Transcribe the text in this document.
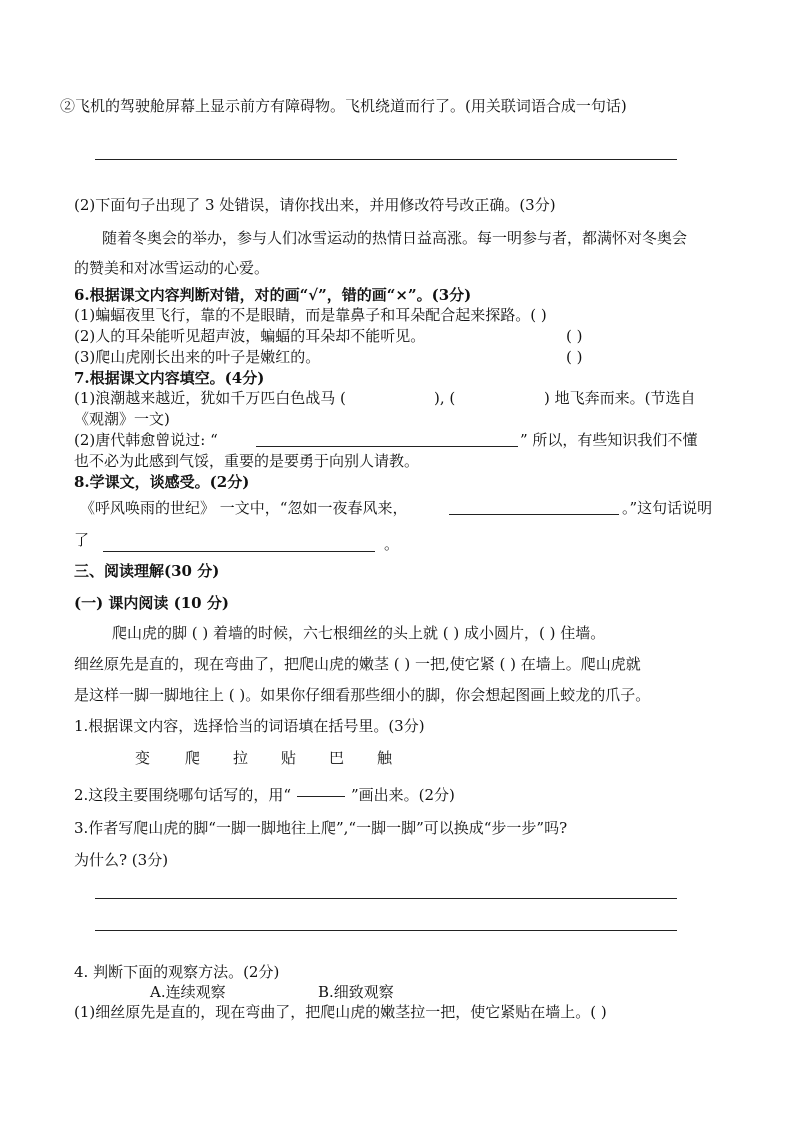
②飞机的驾驶舱屏幕上显示前方有障碍物。飞机绕道而行了。(用关联词语合成一句话)
(2)下面句子出现了 3 处错误，请你找出来，并用修改符号改正确。(3分)
随着冬奥会的举办，参与人们冰雪运动的热情日益高涨。每一明参与者，都满怀对冬奥会
的赞美和对冰雪运动的心爱。
6.根据课文内容判断对错，对的画“√”，错的画“×”。(3分)
(1)蝙蝠夜里飞行，靠的不是眼睛，而是靠鼻子和耳朵配合起来探路。( )
(2)人的耳朵能听见超声波，蝙蝠的耳朵却不能听见。	( )
(3)爬山虎刚长出来的叶子是嫩红的。	( )
7.根据课文内容填空。(4分)
(1)浪潮越来越近，犹如千万匹白色战马 (	), (	) 地飞奔而来。(节选自
《观潮》一文)
(2)唐代韩愈曾说过: “	” 所以，有些知识我们不懂
也不必为此感到气馁，重要的是要勇于向别人请教。
8.学课文，谈感受。(2分)
《呼风唤雨的世纪》 一文中，“忽如一夜春风来，	。”这句话说明
了	。
三、阅读理解(30 分)
(一) 课内阅读 (10 分)
爬山虎的脚 ( ) 着墙的时候，六七根细丝的头上就 ( ) 成小圆片，( ) 住墙。
细丝原先是直的，现在弯曲了，把爬山虎的嫩茎 ( ) 一把,使它紧 ( ) 在墙上。爬山虎就
是这样一脚一脚地往上 ( )。如果你仔细看那些细小的脚，你会想起图画上蛟龙的爪子。
1.根据课文内容，选择恰当的词语填在括号里。(3分)
变 爬 拉 贴 巴 触
2.这段主要围绕哪句话写的，用“	”画出来。(2分)
3.作者写爬山虎的脚“一脚一脚地往上爬”,“一脚一脚”可以换成“步一步”吗?
为什么? (3分)
4. 判断下面的观察方法。(2分)
A.连续观察	B.细致观察
(1)细丝原先是直的，现在弯曲了，把爬山虎的嫩茎拉一把，使它紧贴在墙上。( )
